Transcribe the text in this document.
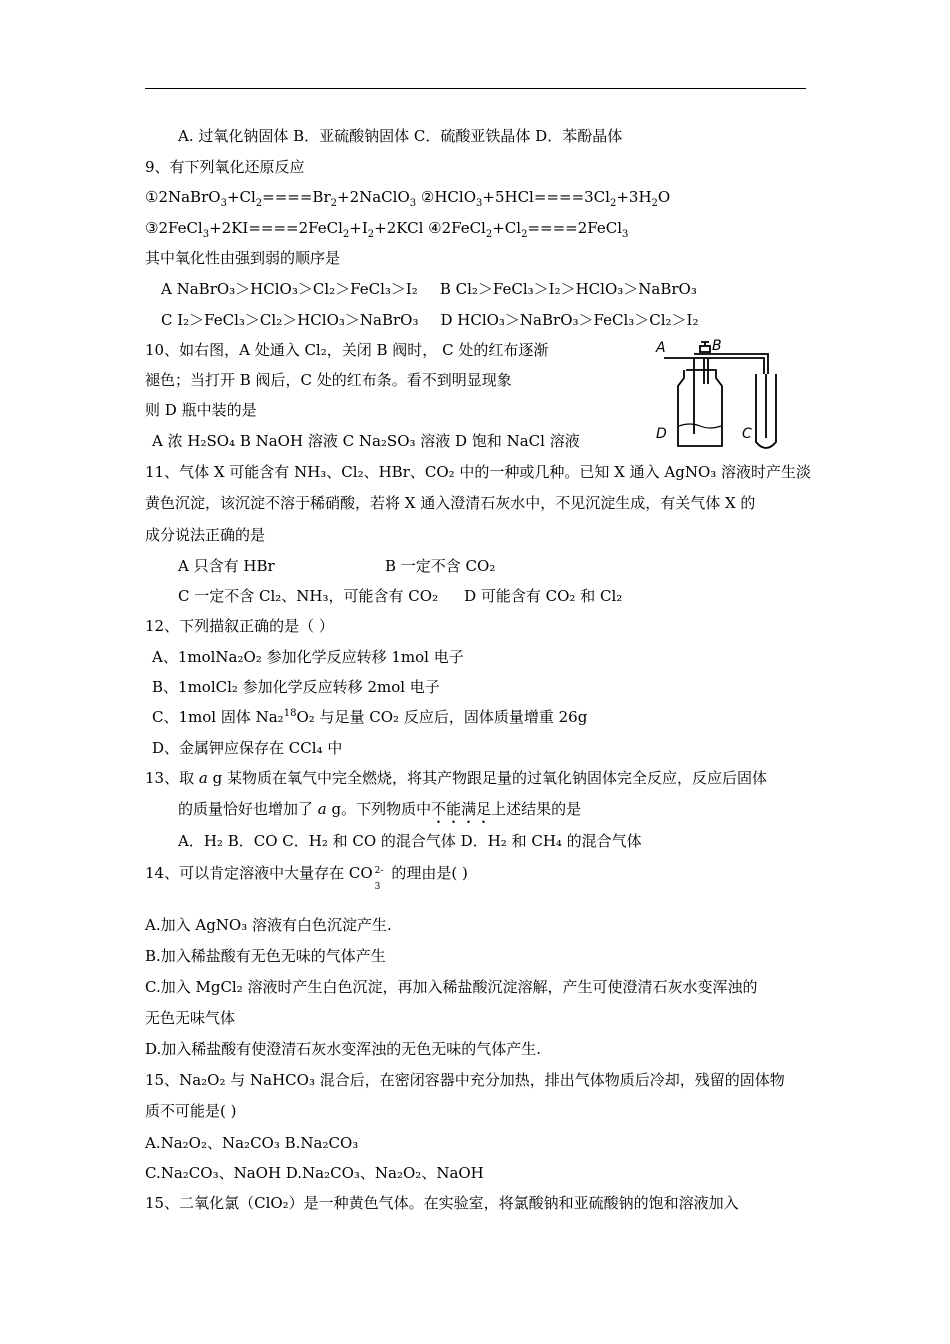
A. 过氧化钠固体 B．亚硫酸钠固体 C．硫酸亚铁晶体 D．苯酚晶体
9、有下列氧化还原反应
$①2NaBrO_3+Cl_2====Br_2+2NaClO_3$ $②HClO_3+5HCl====3Cl_2+3H_2O$
$③2FeCl_3+2KI====2FeCl_2+I_2+2KCl$ $④2FeCl_2+Cl_2====2FeCl_3$
其中氧化性由强到弱的顺序是
A NaBrO₃＞HClO₃＞Cl₂＞FeCl₃＞I₂ B Cl₂＞FeCl₃＞I₂＞HClO₃＞NaBrO₃
C I₂＞FeCl₃＞Cl₂＞HClO₃＞NaBrO₃ D HClO₃＞NaBrO₃＞FeCl₃＞Cl₂＞I₂
10、如右图，A 处通入 Cl₂，关闭 B 阀时， C 处的红布逐渐
褪色；当打开 B 阀后，C 处的红布条。看不到明显现象
则 D 瓶中装的是
A 浓 H₂SO₄ B NaOH 溶液 C Na₂SO₃ 溶液 D 饱和 NaCl 溶液
A	B
D	C
11、气体 X 可能含有 NH₃、Cl₂、HBr、CO₂ 中的一种或几种。已知 X 通入 AgNO₃ 溶液时产生淡
黄色沉淀，该沉淀不溶于稀硝酸，若将 X 通入澄清石灰水中，不见沉淀生成，有关气体 X 的
成分说法正确的是
A 只含有 HBr	B 一定不含 CO₂
C 一定不含 Cl₂、NH₃，可能含有 CO₂ D 可能含有 CO₂ 和 Cl₂
12、下列描叙正确的是（ ）
A、1molNa₂O₂ 参加化学反应转移 1mol 电子
B、1molCl₂ 参加化学反应转移 2mol 电子
C、1mol 固体 Na₂$^{18}$O₂ 与足量 CO₂ 反应后，固体质量增重 26g
D、金属钾应保存在 CCl₄ 中
13、取 a g 某物质在氧气中完全燃烧，将其产物跟足量的过氧化钠固体完全反应，反应后固体
的质量恰好也增加了 a g。下列物质中不能满足上述结果的是
A．H₂ B．CO C．H₂ 和 CO 的混合气体 D．H₂ 和 CH₄ 的混合气体
14、可以肯定溶液中大量存在 CO 2-
3
的理由是( )
A.加入 AgNO₃ 溶液有白色沉淀产生.
B.加入稀盐酸有无色无味的气体产生
C.加入 MgCl₂ 溶液时产生白色沉淀，再加入稀盐酸沉淀溶解，产生可使澄清石灰水变浑浊的
无色无味气体
D.加入稀盐酸有使澄清石灰水变浑浊的无色无味的气体产生.
15、Na₂O₂ 与 NaHCO₃ 混合后，在密闭容器中充分加热，排出气体物质后冷却，残留的固体物
质不可能是( )
A.Na₂O₂、Na₂CO₃ B.Na₂CO₃
C.Na₂CO₃、NaOH D.Na₂CO₃、Na₂O₂、NaOH
15、二氧化氯（ClO₂）是一种黄色气体。在实验室，将氯酸钠和亚硫酸钠的饱和溶液加入
